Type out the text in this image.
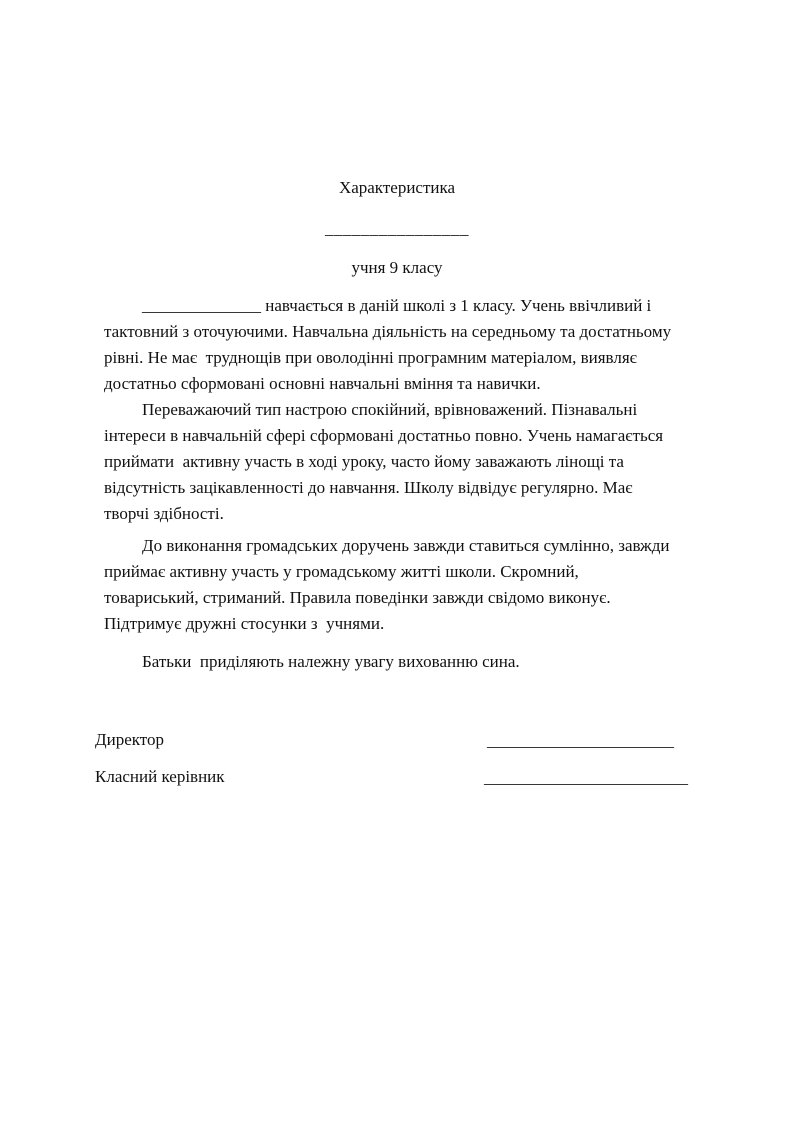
Характеристика
________________
учня 9 класу
______________ навчається в даній школі з 1 класу. Учень ввічливий і
тактовний з оточуючими. Навчальна діяльність на середньому та достатньому
рівні. Не має  труднощів при оволодінні програмним матеріалом, виявляє
достатньо сформовані основні навчальні вміння та навички.
Переважаючий тип настрою спокійний, врівноважений. Пізнавальні
інтереси в навчальній сфері сформовані достатньо повно. Учень намагається
приймати  активну участь в ході уроку, часто йому заважають лінощі та
відсутність зацікавленності до навчання. Школу відвідує регулярно. Має
творчі здібності.
До виконання громадських доручень завжди ставиться сумлінно, завжди
приймає активну участь у громадському житті школи. Скромний,
товариський, стриманий. Правила поведінки завжди свідомо виконує.
Підтримує дружні стосунки з  учнями.
Батьки  приділяють належну увагу вихованню сина.
Директор	______________________
Класний керівник	________________________
